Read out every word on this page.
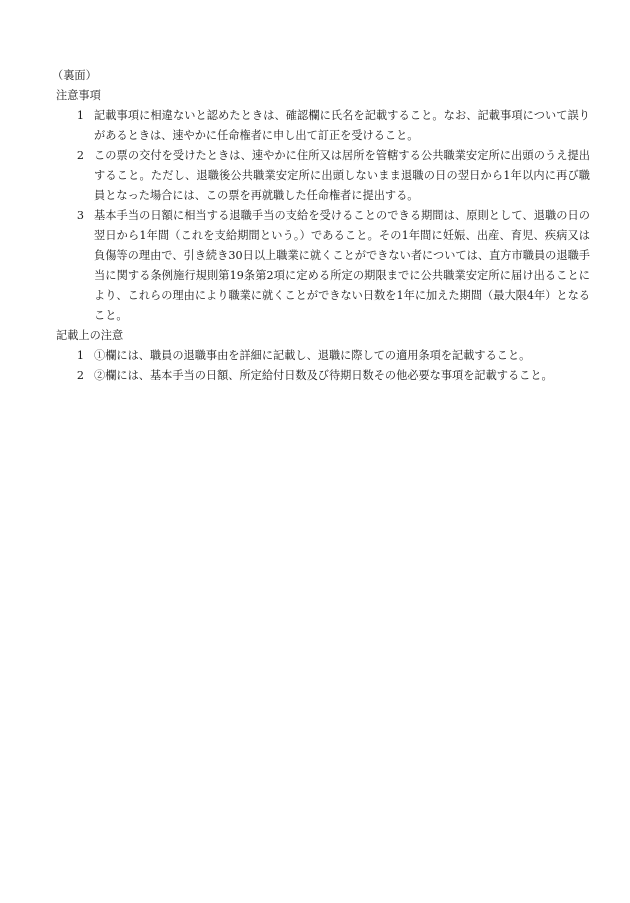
（裏面）
注意事項
1 記載事項に相違ないと認めたときは、確認欄に氏名を記載すること。なお、記載事項について誤りがあるときは、速やかに任命権者に申し出て訂正を受けること。
2 この票の交付を受けたときは、速やかに住所又は居所を管轄する公共職業安定所に出頭のうえ提出すること。ただし、退職後公共職業安定所に出頭しないまま退職の日の翌日から1年以内に再び職員となった場合には、この票を再就職した任命権者に提出する。
3 基本手当の日額に相当する退職手当の支給を受けることのできる期間は、原則として、退職の日の翌日から1年間（これを支給期間という。）であること。その1年間に妊娠、出産、育児、疾病又は負傷等の理由で、引き続き30日以上職業に就くことができない者については、直方市職員の退職手当に関する条例施行規則第19条第2項に定める所定の期限までに公共職業安定所に届け出ることにより、これらの理由により職業に就くことができない日数を1年に加えた期間（最大限4年）となること。
記載上の注意
1 ①欄には、職員の退職事由を詳細に記載し、退職に際しての適用条項を記載すること。
2 ②欄には、基本手当の日額、所定給付日数及び待期日数その他必要な事項を記載すること。
